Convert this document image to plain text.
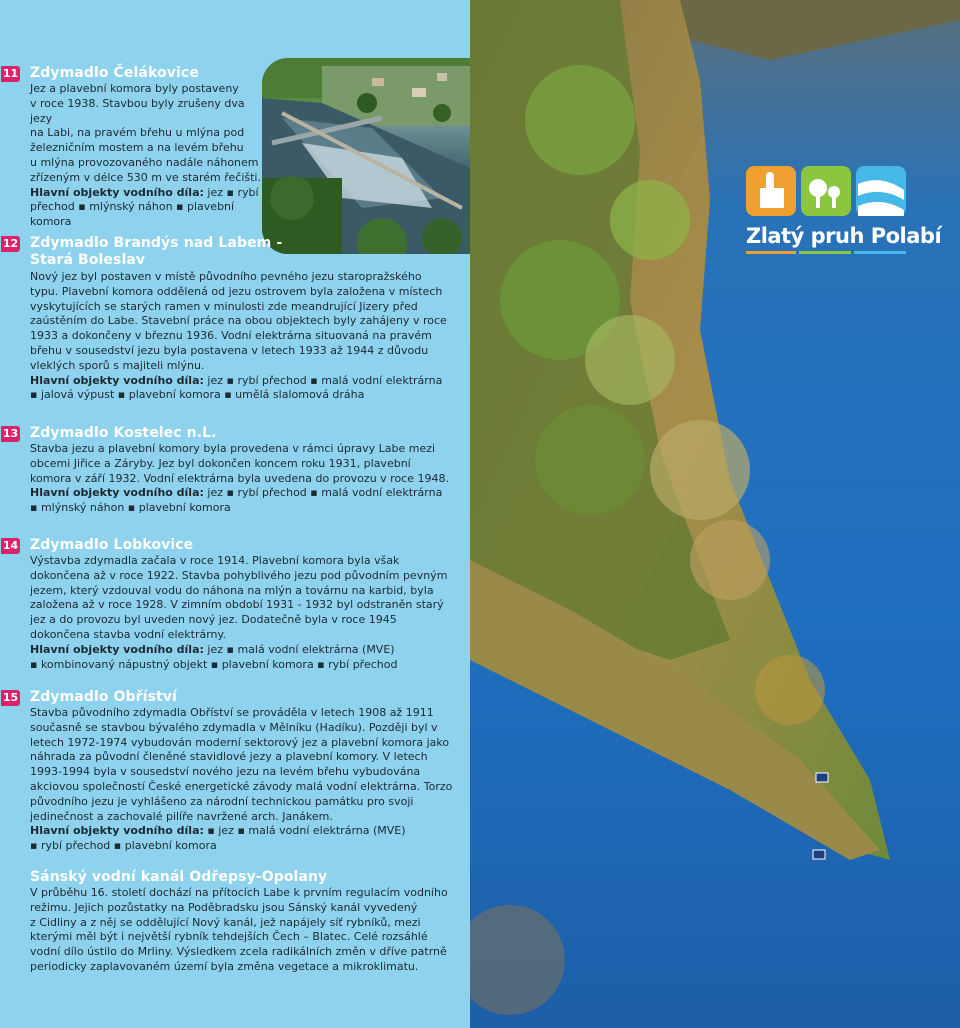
11 Zdymadlo Čelákovice
Jez a plavební komora byly postaveny
v roce 1938. Stavbou byly zrušeny dva jezy
na Labi, na pravém břehu u mlýna pod
železničním mostem a na levém břehu
u mlýna provozovaného nadále náhonem
zřízeným v délce 530 m ve starém řečišti.
Hlavní objekty vodního díla: jez ▪ rybí
přechod ▪ mlýnský náhon ▪ plavební
komora
12 Zdymadlo Brandýs nad Labem -
Stará Boleslav
Nový jez byl postaven v místě původního pevného jezu staropražského
typu. Plavební komora oddělená od jezu ostrovem byla založena v místech
vyskytujících se starých ramen v minulosti zde meandrující Jizery před
zaústěním do Labe. Stavební práce na obou objektech byly zahájeny v roce
1933 a dokončeny v březnu 1936. Vodní elektrárna situovaná na pravém
břehu v sousedství jezu byla postavena v letech 1933 až 1944 z důvodu
vleklých sporů s majiteli mlýnu.
Hlavní objekty vodního díla: jez ▪ rybí přechod ▪ malá vodní elektrárna
▪ jalová výpust ▪ plavební komora ▪ umělá slalomová dráha
13 Zdymadlo Kostelec n.L.
Stavba jezu a plavební komory byla provedena v rámci úpravy Labe mezi
obcemi Jiřice a Záryby. Jez byl dokončen koncem roku 1931, plavební
komora v září 1932. Vodní elektrárna byla uvedena do provozu v roce 1948.
Hlavní objekty vodního díla: jez ▪ rybí přechod ▪ malá vodní elektrárna
▪ mlýnský náhon ▪ plavební komora
14 Zdymadlo Lobkovice
Výstavba zdymadla začala v roce 1914. Plavební komora byla však
dokončena až v roce 1922. Stavba pohyblivého jezu pod původním pevným
jezem, který vzdouval vodu do náhona na mlýn a továrnu na karbid, byla
založena až v roce 1928. V zimním období 1931 - 1932 byl odstraněn starý
jez a do provozu byl uveden nový jez. Dodatečně byla v roce 1945
dokončena stavba vodní elektrárny.
Hlavní objekty vodního díla: jez ▪ malá vodní elektrárna (MVE)
▪ kombinovaný nápustný objekt ▪ plavební komora ▪ rybí přechod
15 Zdymadlo Obříství
Stavba původního zdymadla Obříství se prováděla v letech 1908 až 1911
současně se stavbou bývalého zdymadla v Mělníku (Hadíku). Později byl v
letech 1972-1974 vybudován moderní sektorový jez a plavební komora jako
náhrada za původní členěné stavidlové jezy a plavební komory. V letech
1993-1994 byla v sousedství nového jezu na levém břehu vybudována
akciovou společností České energetické závody malá vodní elektrárna. Torzo
původního jezu je vyhlášeno za národní technickou památku pro svoji
jedinečnost a zachovalé pilíře navržené arch. Janákem.
Hlavní objekty vodního díla: ▪ jez ▪ malá vodní elektrárna (MVE)
▪ rybí přechod ▪ plavební komora
Sánský vodní kanál Odřepsy-Opolany
V průběhu 16. století dochází na přítocích Labe k prvním regulacím vodního
režimu. Jejich pozůstatky na Poděbradsku jsou Sánský kanál vyvedený
z Cidliny a z něj se oddělující Nový kanál, jež napájely síť rybníků, mezi
kterými měl být i největší rybník tehdejších Čech – Blatec. Celé rozsáhlé
vodní dílo ústilo do Mrliny. Výsledkem zcela radikálních změn v dříve patrně
periodicky zaplavovaném území byla změna vegetace a mikroklimatu.
Zlatý pruh Polabí
